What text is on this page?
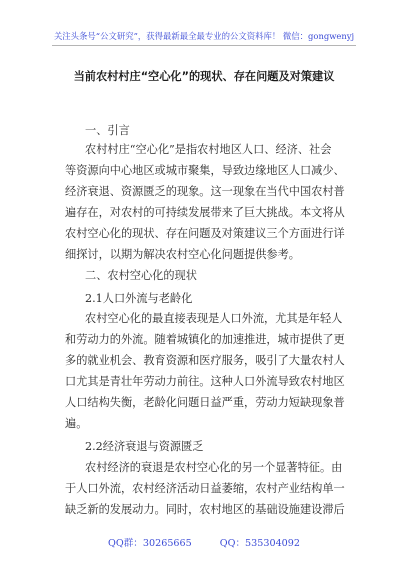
关注头条号“公文研究”，获得最新最全最专业的公文资料库！ 微信：gongwenyj
当前农村村庄“空心化”的现状、存在问题及对策建议
一、引言
农村村庄“空心化”是指农村地区人口、经济、社会
等资源向中心地区或城市聚集，导致边缘地区人口减少、
经济衰退、资源匮乏的现象。这一现象在当代中国农村普
遍存在，对农村的可持续发展带来了巨大挑战。本文将从
农村空心化的现状、存在问题及对策建议三个方面进行详
细探讨，以期为解决农村空心化问题提供参考。
二、农村空心化的现状
2.1人口外流与老龄化
农村空心化的最直接表现是人口外流，尤其是年轻人
和劳动力的外流。随着城镇化的加速推进，城市提供了更
多的就业机会、教育资源和医疗服务，吸引了大量农村人
口尤其是青壮年劳动力前往。这种人口外流导致农村地区
人口结构失衡，老龄化问题日益严重，劳动力短缺现象普
遍。
2.2经济衰退与资源匮乏
农村经济的衰退是农村空心化的另一个显著特征。由
于人口外流，农村经济活动日益萎缩，农村产业结构单一
缺乏新的发展动力。同时，农村地区的基础设施建设滞后
QQ群：30265665	QQ：535304092
